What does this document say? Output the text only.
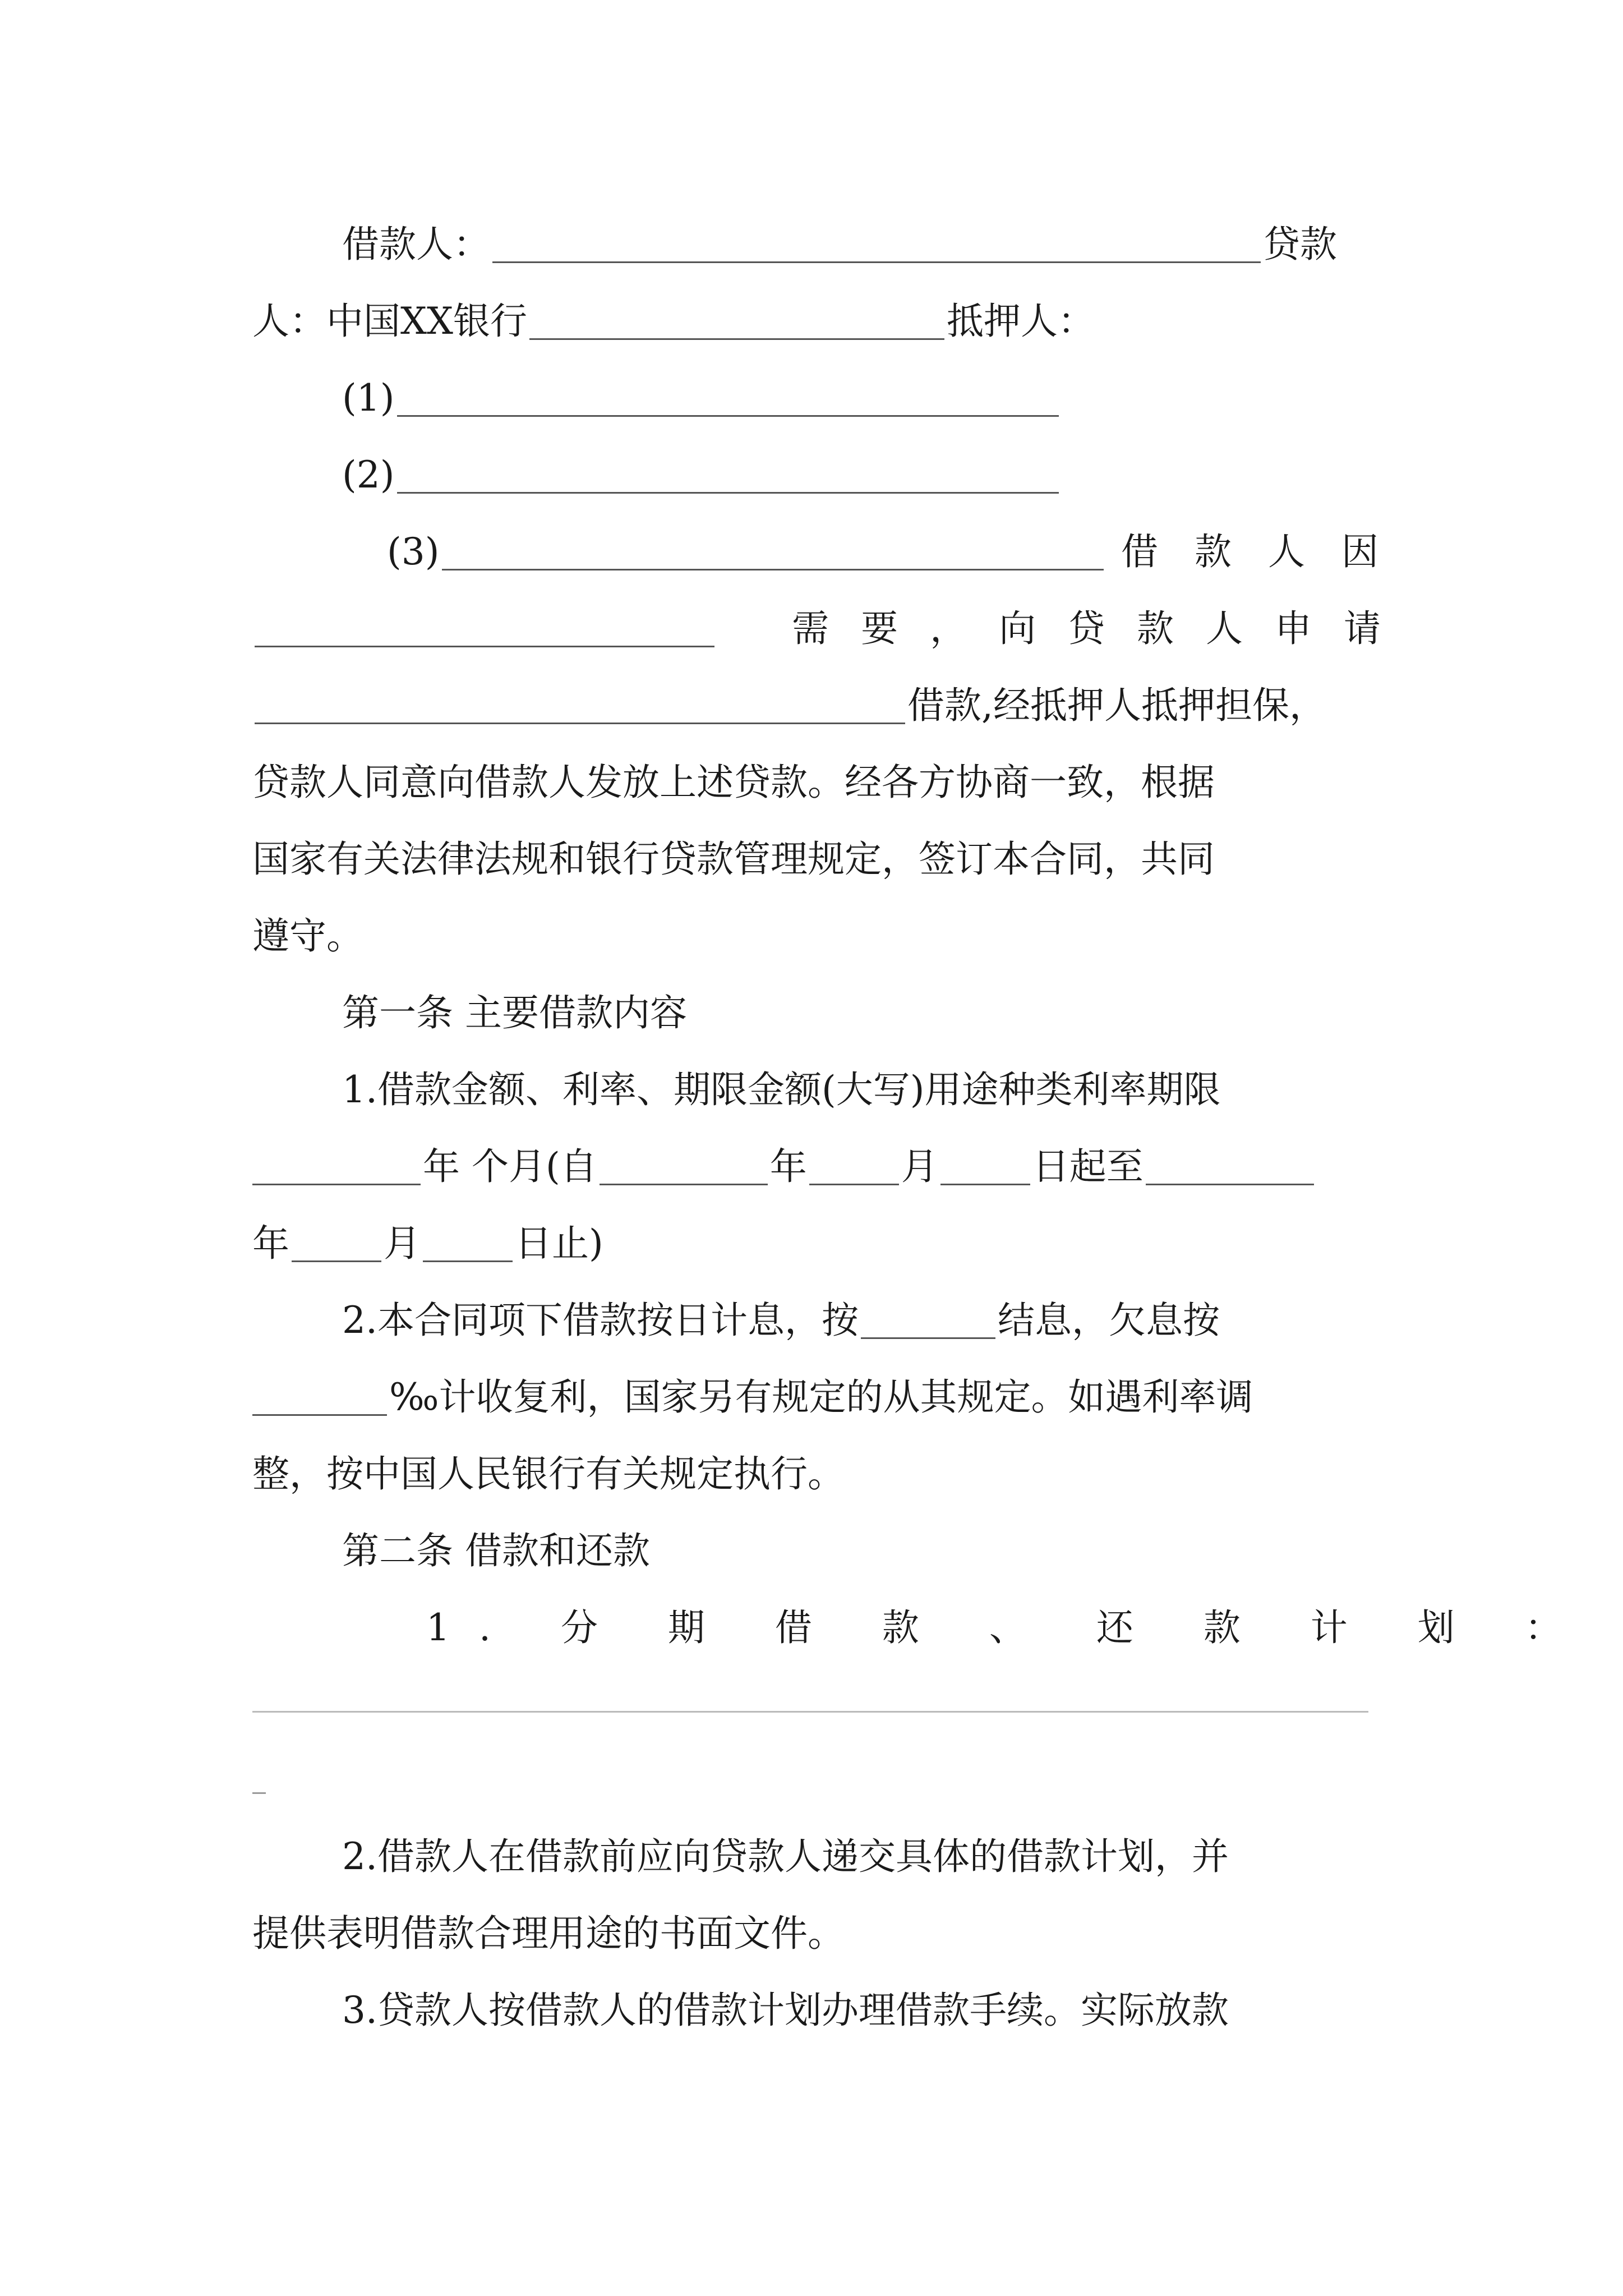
借款人：	贷款
人：中国XX银行	抵押人：
(1)
(2)
(3)	借 款 人 因
需 要 ， 向 贷 款 人 申 请
借款,经抵押人抵押担保，
贷款人同意向借款人发放上述贷款。经各方协商一致，根据
国家有关法律法规和银行贷款管理规定，签订本合同，共同
遵守。
第一条 主要借款内容
1.借款金额、利率、期限金额(大写)用途种类利率期限
年 个月(自	年	月	日起至
年	月	日止)
2.本合同项下借款按日计息，按	结息，欠息按
‰计收复利，国家另有规定的从其规定。如遇利率调
整，按中国人民银行有关规定执行。
第二条 借款和还款
1. 分 期 借 款 、 还 款 计 划 ：
2.借款人在借款前应向贷款人递交具体的借款计划，并
提供表明借款合理用途的书面文件。
3.贷款人按借款人的借款计划办理借款手续。实际放款
